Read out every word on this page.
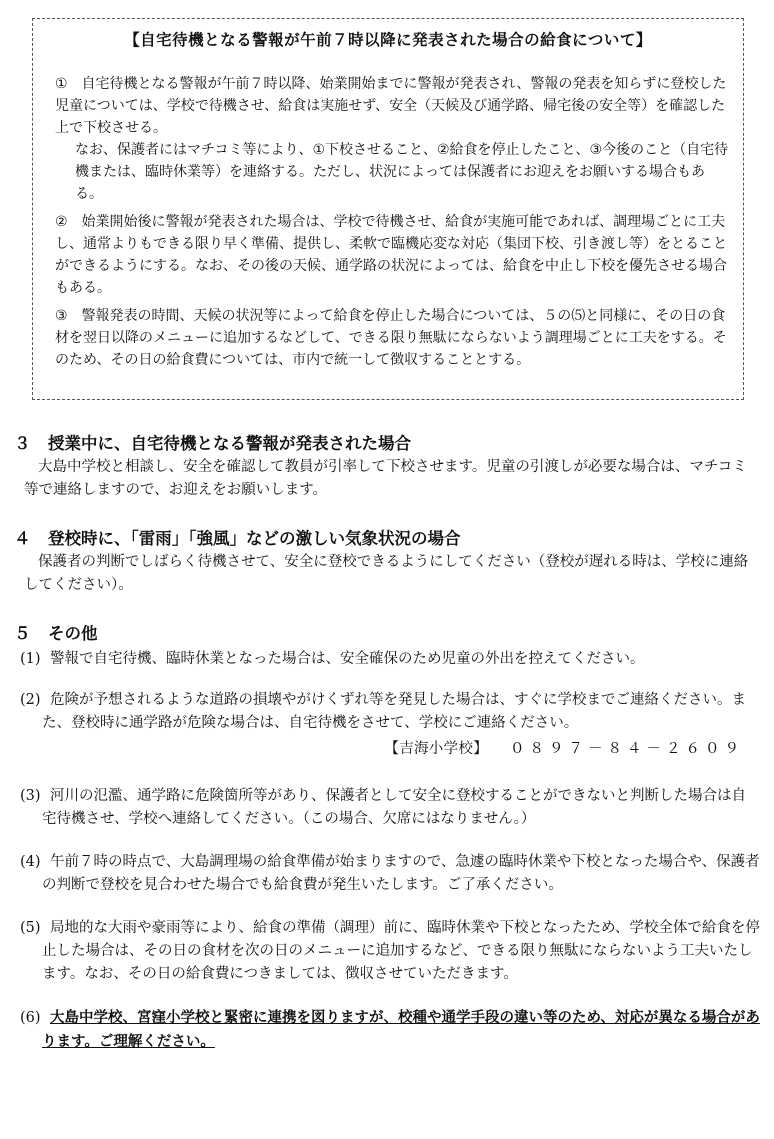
【自宅待機となる警報が午前７時以降に発表された場合の給食について】

①　自宅待機となる警報が午前７時以降、始業開始までに警報が発表され、警報の発表を知らずに登校した児童については、学校で待機させ、給食は実施せず、安全（天候及び通学路、帰宅後の安全等）を確認した上で下校させる。

なお、保護者にはマチコミ等により、①下校させること、②給食を停止したこと、③今後のこと（自宅待機または、臨時休業等）を連絡する。ただし、状況によっては保護者にお迎えをお願いする場合もある。

②　始業開始後に警報が発表された場合は、学校で待機させ、給食が実施可能であれば、調理場ごとに工夫し、通常よりもできる限り早く準備、提供し、柔軟で臨機応変な対応（集団下校、引き渡し等）をとることができるようにする。なお、その後の天候、通学路の状況によっては、給食を中止し下校を優先させる場合もある。

③　警報発表の時間、天候の状況等によって給食を停止した場合については、５の⑸と同様に、その日の食材を翌日以降のメニューに追加するなどして、できる限り無駄にならないよう調理場ごとに工夫をする。そのため、その日の給食費については、市内で統一して徴収することとする。

３ 授業中に、自宅待機となる警報が発表された場合

大島中学校と相談し、安全を確認して教員が引率して下校させます。児童の引渡しが必要な場合は、マチコミ等で連絡しますので、お迎えをお願いします。

４ 登校時に、「雷雨」「強風」などの激しい気象状況の場合

保護者の判断でしばらく待機させて、安全に登校できるようにしてください（登校が遅れる時は、学校に連絡してください）。

５ その他

(1) 警報で自宅待機、臨時休業となった場合は、安全確保のため児童の外出を控えてください。

(2) 危険が予想されるような道路の損壊やがけくずれ等を発見した場合は、すぐに学校までご連絡ください。また、登校時に通学路が危険な場合は、自宅待機をさせて、学校にご連絡ください。

【吉海小学校】 ０８９７－８４－２６０９

(3) 河川の氾濫、通学路に危険箇所等があり、保護者として安全に登校することができないと判断した場合は自宅待機させ、学校へ連絡してください。（この場合、欠席にはなりません。）

(4) 午前７時の時点で、大島調理場の給食準備が始まりますので、急遽の臨時休業や下校となった場合や、保護者の判断で登校を見合わせた場合でも給食費が発生いたします。ご了承ください。

(5) 局地的な大雨や豪雨等により、給食の準備（調理）前に、臨時休業や下校となったため、学校全体で給食を停止した場合は、その日の食材を次の日のメニューに追加するなど、できる限り無駄にならないよう工夫いたします。なお、その日の給食費につきましては、徴収させていただきます。

(6) 大島中学校、宮窪小学校と緊密に連携を図りますが、校種や通学手段の違い等のため、対応が異なる場合があります。ご理解ください。
